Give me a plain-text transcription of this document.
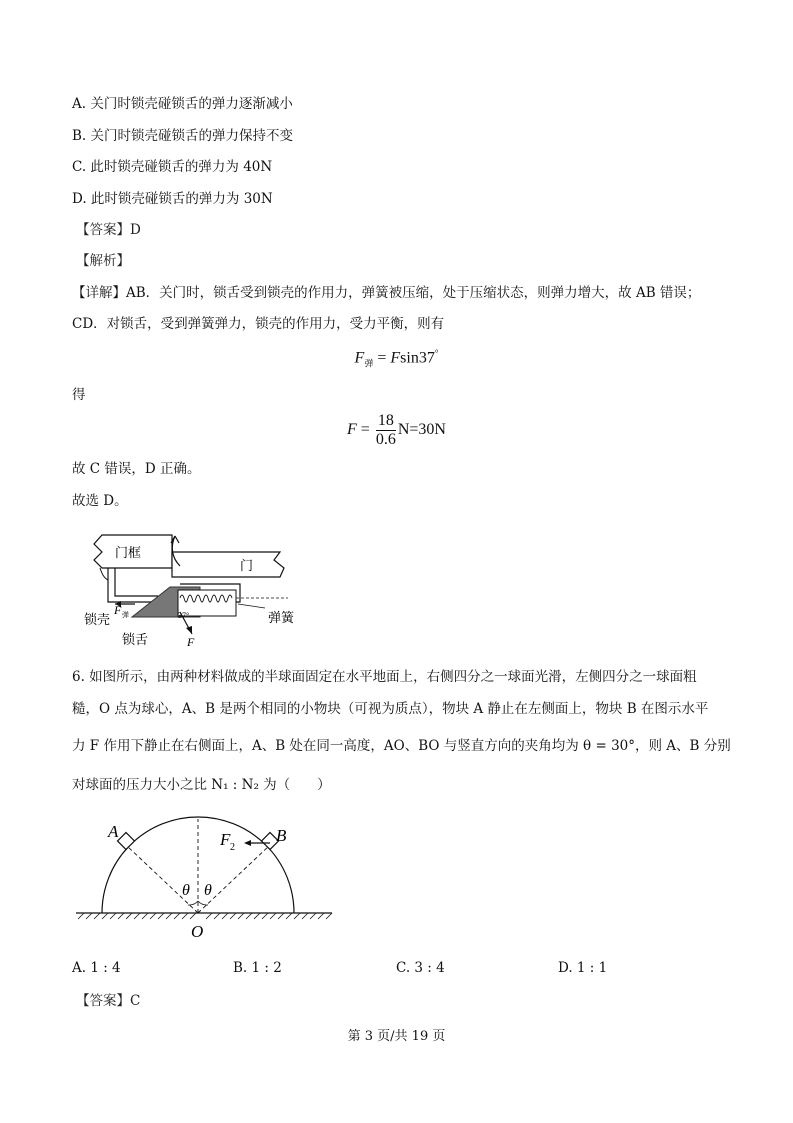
A. 关门时锁壳碰锁舌的弹力逐渐减小
B. 关门时锁壳碰锁舌的弹力保持不变
C. 此时锁壳碰锁舌的弹力为 40N
D. 此时锁壳碰锁舌的弹力为 30N
【答案】D
【解析】
【详解】AB．关门时，锁舌受到锁壳的作用力，弹簧被压缩，处于压缩状态，则弹力增大，故 AB 错误；
CD．对锁舌，受到弹簧弹力，锁壳的作用力，受力平衡，则有
$F_弹 = Fsin37^\circ$
得
$F = \frac{18}{0.6} N=30N$
故 C 错误，D 正确。
故选 D。
37°
门框
门
弹簧
锁壳
锁舌
F 弹
F
6. 如图所示，由两种材料做成的半球面固定在水平地面上，右侧四分之一球面光滑，左侧四分之一球面粗
糙，O 点为球心，A、B 是两个相同的小物块（可视为质点），物块 A 静止在左侧面上，物块 B 在图示水平
力 F 作用下静止在右侧面上，A、B 处在同一高度，AO、BO 与竖直方向的夹角均为 θ = 30°，则 A、B 分别
对球面的压力大小之比 N₁ : N₂ 为（　　）
A	B
O
F 2
θ θ
A. 1 : 4	B. 1 : 2	C. 3 : 4	D. 1 : 1
【答案】C
第 3 页/共 19 页
